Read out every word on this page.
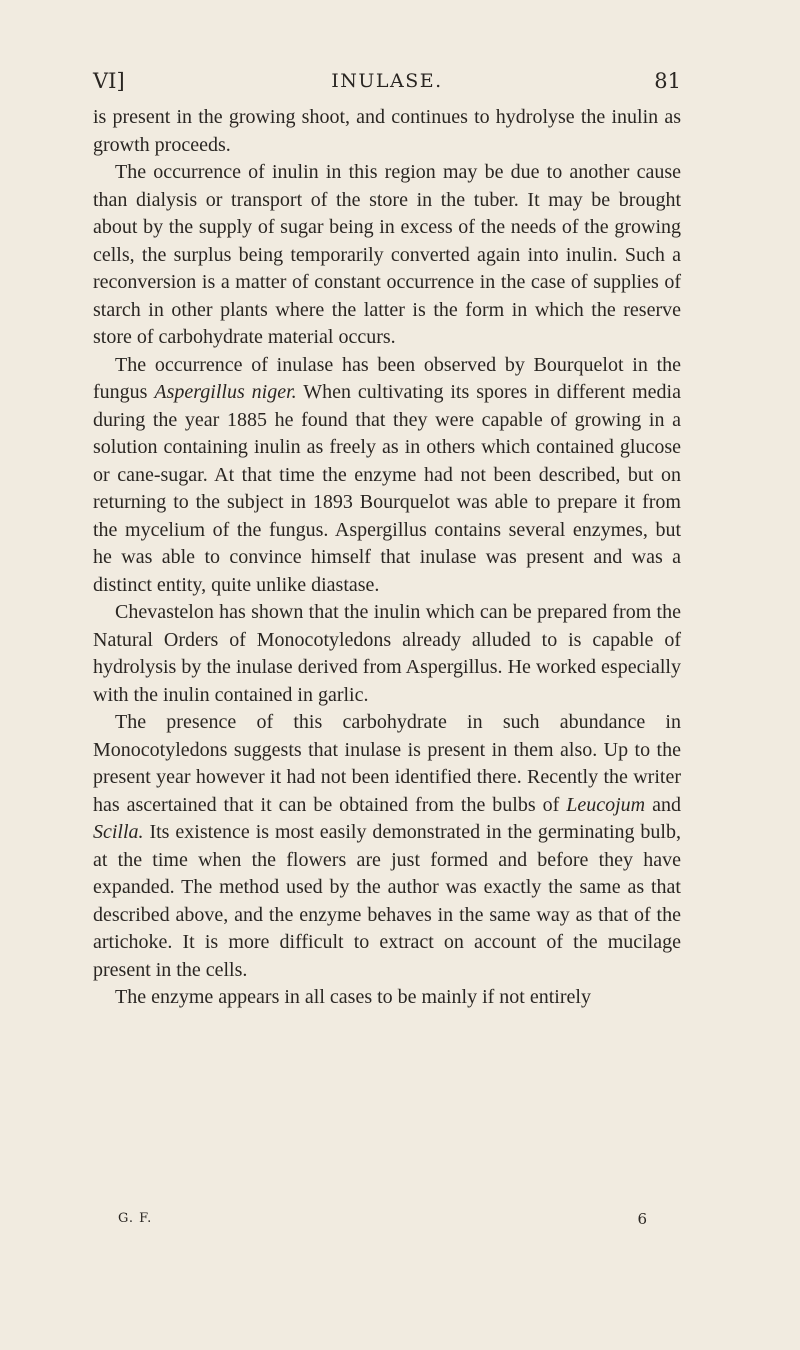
VI]	INULASE.	81

is present in the growing shoot, and continues to hydrolyse the inulin as growth proceeds.

The occurrence of inulin in this region may be due to another cause than dialysis or transport of the store in the tuber. It may be brought about by the supply of sugar being in excess of the needs of the growing cells, the surplus being temporarily converted again into inulin. Such a reconversion is a matter of constant occurrence in the case of supplies of starch in other plants where the latter is the form in which the reserve store of carbohydrate material occurs.

The occurrence of inulase has been observed by Bourquelot in the fungus Aspergillus niger. When cultivating its spores in different media during the year 1885 he found that they were capable of growing in a solution containing inulin as freely as in others which contained glucose or cane-sugar. At that time the enzyme had not been described, but on returning to the subject in 1893 Bourquelot was able to prepare it from the mycelium of the fungus. Aspergillus contains several enzymes, but he was able to convince himself that inulase was present and was a distinct entity, quite unlike diastase.

Chevastelon has shown that the inulin which can be prepared from the Natural Orders of Monocotyledons already alluded to is capable of hydrolysis by the inulase derived from Aspergillus. He worked especially with the inulin contained in garlic.

The presence of this carbohydrate in such abundance in Monocotyledons suggests that inulase is present in them also. Up to the present year however it had not been identified there. Recently the writer has ascertained that it can be obtained from the bulbs of Leucojum and Scilla. Its existence is most easily demonstrated in the germinating bulb, at the time when the flowers are just formed and before they have expanded. The method used by the author was exactly the same as that described above, and the enzyme behaves in the same way as that of the artichoke. It is more difficult to extract on account of the mucilage present in the cells.

The enzyme appears in all cases to be mainly if not entirely

G. F.	6
